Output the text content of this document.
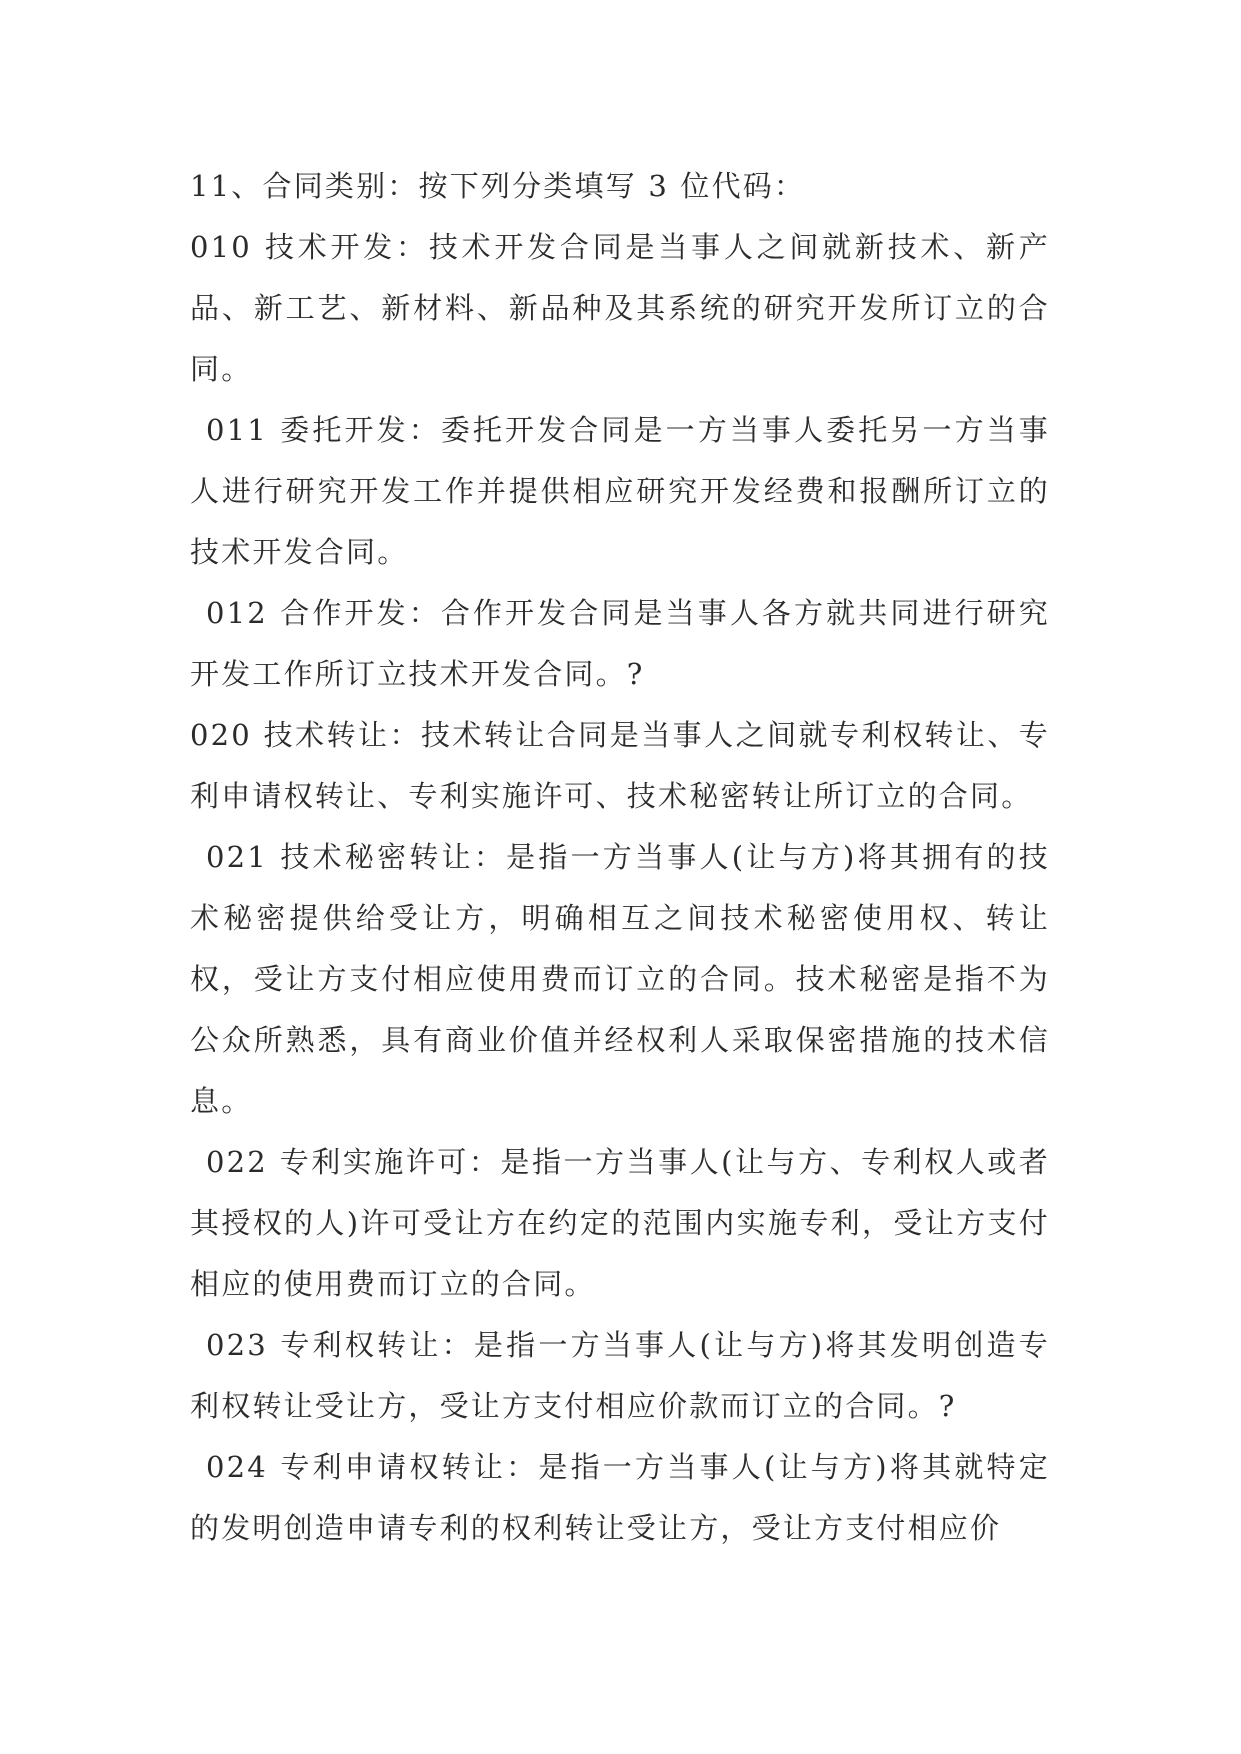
11、合同类别：按下列分类填写 3 位代码：

010 技术开发：技术开发合同是当事人之间就新技术、新产品、新工艺、新材料、新品种及其系统的研究开发所订立的合同。

011 委托开发：委托开发合同是一方当事人委托另一方当事人进行研究开发工作并提供相应研究开发经费和报酬所订立的技术开发合同。

012 合作开发：合作开发合同是当事人各方就共同进行研究开发工作所订立技术开发合同。?

020 技术转让：技术转让合同是当事人之间就专利权转让、专利申请权转让、专利实施许可、技术秘密转让所订立的合同。

021 技术秘密转让：是指一方当事人(让与方)将其拥有的技术秘密提供给受让方，明确相互之间技术秘密使用权、转让权，受让方支付相应使用费而订立的合同。技术秘密是指不为公众所熟悉，具有商业价值并经权利人采取保密措施的技术信息。

022 专利实施许可：是指一方当事人(让与方、专利权人或者其授权的人)许可受让方在约定的范围内实施专利，受让方支付相应的使用费而订立的合同。

023 专利权转让：是指一方当事人(让与方)将其发明创造专利权转让受让方，受让方支付相应价款而订立的合同。?

024 专利申请权转让：是指一方当事人(让与方)将其就特定的发明创造申请专利的权利转让受让方，受让方支付相应价
